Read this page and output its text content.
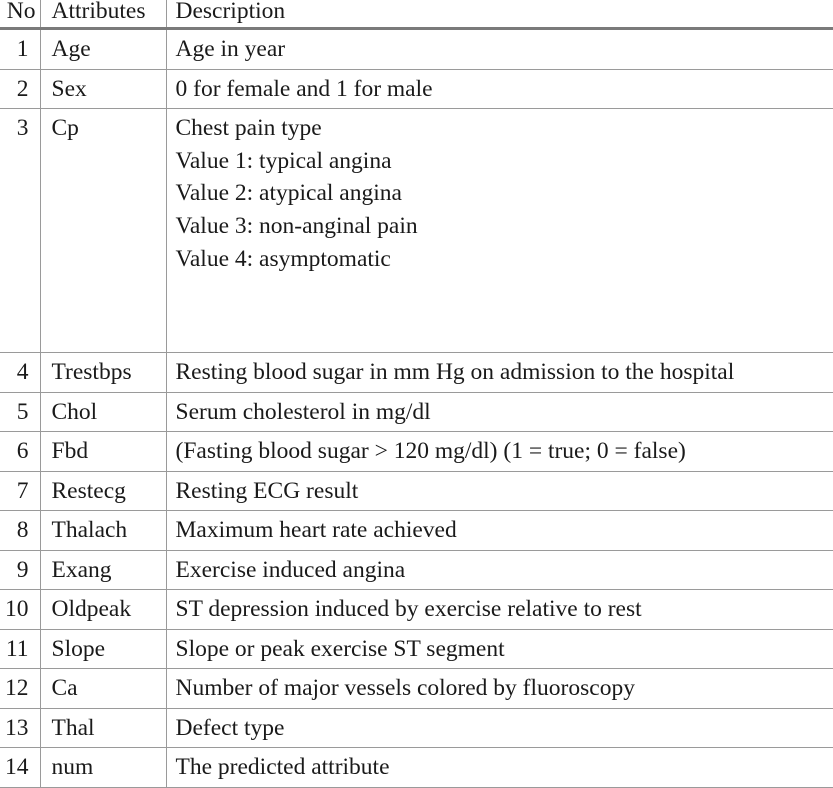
No	Attributes	Description
1	Age	Age in year

2	Sex	0 for female and 1 for male

3	Cp	Chest pain type
Value 1: typical angina
Value 2: atypical angina
Value 3: non-anginal pain
Value 4: asymptomatic

4	Trestbps	Resting blood sugar in mm Hg on admission to the hospital

5	Chol	Serum cholesterol in mg/dl

6	Fbd	(Fasting blood sugar > 120 mg/dl) (1 = true; 0 = false)

7	Restecg	Resting ECG result

8	Thalach	Maximum heart rate achieved

9	Exang	Exercise induced angina

10	Oldpeak	ST depression induced by exercise relative to rest

11	Slope	Slope or peak exercise ST segment

12	Ca	Number of major vessels colored by fluoroscopy

13	Thal	Defect type

14	num	The predicted attribute
